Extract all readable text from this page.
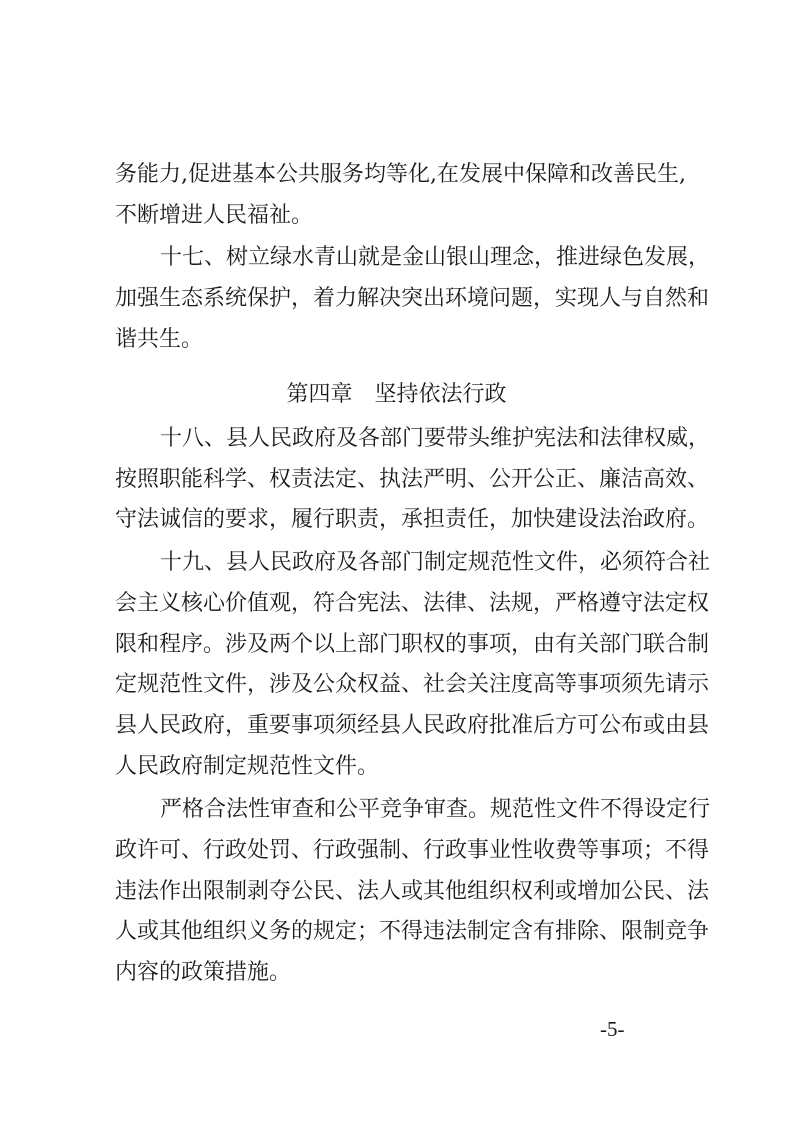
务能力,促进基本公共服务均等化,在发展中保障和改善民生,
不断增进人民福祉。
十七、树立绿水青山就是金山银山理念，推进绿色发展，
加强生态系统保护，着力解决突出环境问题，实现人与自然和
谐共生。
第四章　坚持依法行政
十八、县人民政府及各部门要带头维护宪法和法律权威，
按照职能科学、权责法定、执法严明、公开公正、廉洁高效、
守法诚信的要求，履行职责，承担责任，加快建设法治政府。
十九、县人民政府及各部门制定规范性文件，必须符合社
会主义核心价值观，符合宪法、法律、法规，严格遵守法定权
限和程序。涉及两个以上部门职权的事项，由有关部门联合制
定规范性文件，涉及公众权益、社会关注度高等事项须先请示
县人民政府，重要事项须经县人民政府批准后方可公布或由县
人民政府制定规范性文件。
严格合法性审查和公平竞争审查。规范性文件不得设定行
政许可、行政处罚、行政强制、行政事业性收费等事项；不得
违法作出限制剥夺公民、法人或其他组织权利或增加公民、法
人或其他组织义务的规定；不得违法制定含有排除、限制竞争
内容的政策措施。
-5-
